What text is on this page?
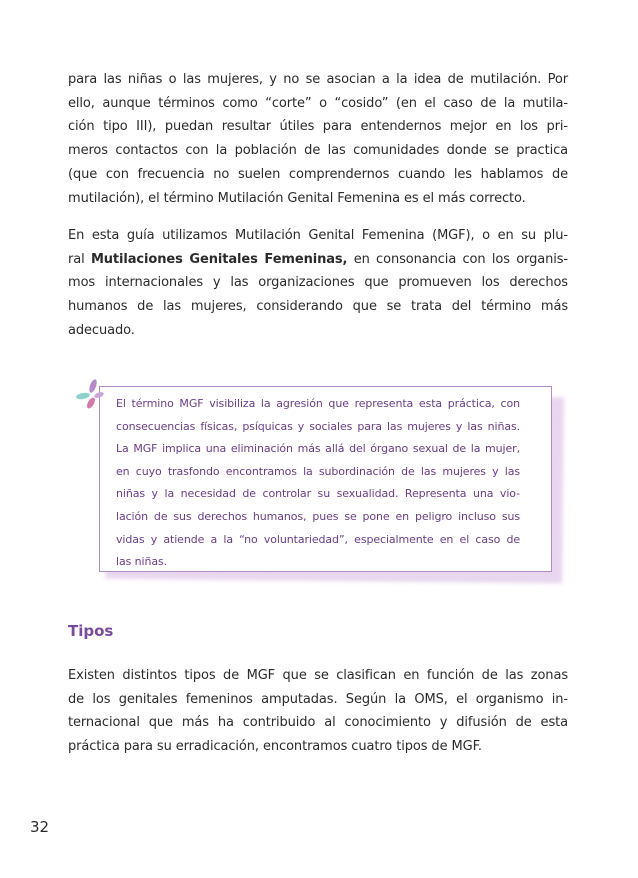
para las niñas o las mujeres, y no se asocian a la idea de mutilación. Por
ello, aunque términos como “corte” o “cosido” (en el caso de la mutila-
ción tipo III), puedan resultar útiles para entendernos mejor en los pri-
meros contactos con la población de las comunidades donde se practica
(que con frecuencia no suelen comprendernos cuando les hablamos de
mutilación), el término Mutilación Genital Femenina es el más correcto.

En esta guía utilizamos Mutilación Genital Femenina (MGF), o en su plu-
ral Mutilaciones Genitales Femeninas, en consonancia con los organis-
mos internacionales y las organizaciones que promueven los derechos
humanos de las mujeres, considerando que se trata del término más
adecuado.

El término MGF visibiliza la agresión que representa esta práctica, con
consecuencias físicas, psíquicas y sociales para las mujeres y las niñas.
La MGF implica una eliminación más allá del órgano sexual de la mujer,
en cuyo trasfondo encontramos la subordinación de las mujeres y las
niñas y la necesidad de controlar su sexualidad. Representa una vio-
lación de sus derechos humanos, pues se pone en peligro incluso sus
vidas y atiende a la “no voluntariedad”, especialmente en el caso de
las niñas.

Tipos

Existen distintos tipos de MGF que se clasifican en función de las zonas
de los genitales femeninos amputadas. Según la OMS, el organismo in-
ternacional que más ha contribuido al conocimiento y difusión de esta
práctica para su erradicación, encontramos cuatro tipos de MGF.

32
